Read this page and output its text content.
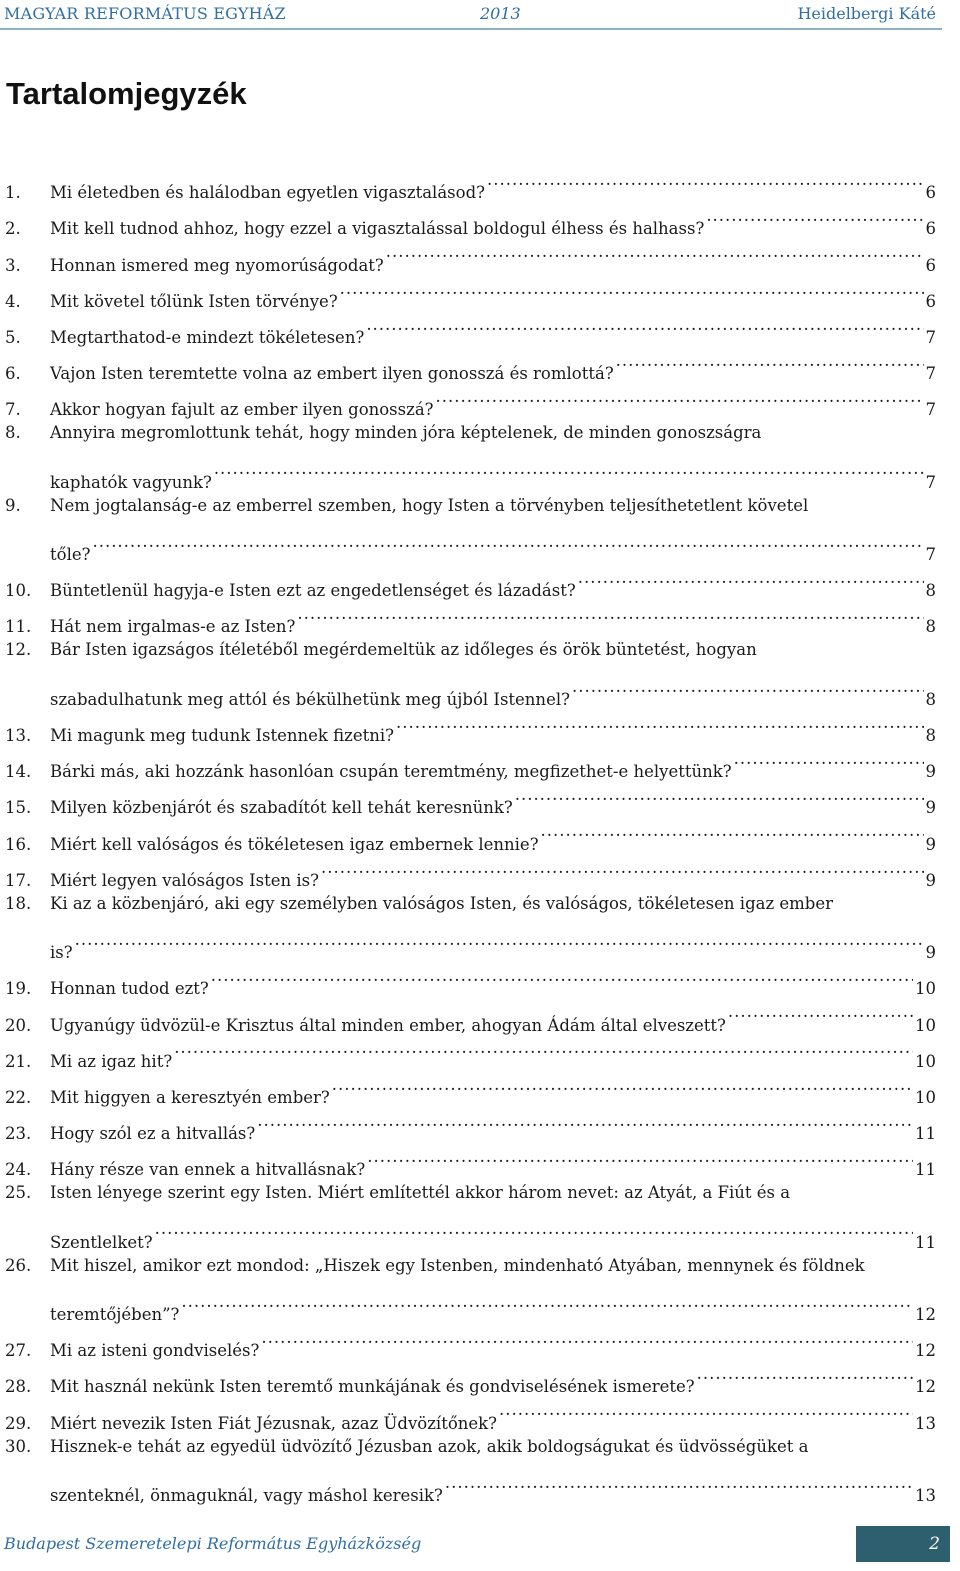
MAGYAR REFORMÁTUS EGYHÁZ	2013	Heidelbergi Káté
Tartalomjegyzék
1.	Mi életedben és halálodban egyetlen vigasztalásod? .....	6
2.	Mit kell tudnod ahhoz, hogy ezzel a vigasztalással boldogul élhess és halhass? .....	6
3.	Honnan ismered meg nyomorúságodat? .....	6
4.	Mit követel tőlünk Isten törvénye? .....	6
5.	Megtarthatod-e mindezt tökéletesen? .....	7
6.	Vajon Isten teremtette volna az embert ilyen gonosszá és romlottá? .....	7
7.	Akkor hogyan fajult az ember ilyen gonosszá? .....	7
8.	Annyira megromlottunk tehát, hogy minden jóra képtelenek, de minden gonoszságra
kaphatók vagyunk? .....	7
9.	Nem jogtalanság-e az emberrel szemben, hogy Isten a törvényben teljesíthetetlent követel
tőle? .....	7
10.	Büntetlenül hagyja-e Isten ezt az engedetlenséget és lázadást? .....	8
11.	Hát nem irgalmas-e az Isten? .....	8
12.	Bár Isten igazságos ítéletéből megérdemeltük az időleges és örök büntetést, hogyan
szabadulhatunk meg attól és békülhetünk meg újból Istennel? .....	8
13.	Mi magunk meg tudunk Istennek fizetni? .....	8
14.	Bárki más, aki hozzánk hasonlóan csupán teremtmény, megfizethet-e helyettünk? .....	9
15.	Milyen közbenjárót és szabadítót kell tehát keresnünk? .....	9
16.	Miért kell valóságos és tökéletesen igaz embernek lennie? .....	9
17.	Miért legyen valóságos Isten is? .....	9
18.	Ki az a közbenjáró, aki egy személyben valóságos Isten, és valóságos, tökéletesen igaz ember
is? .....	9
19.	Honnan tudod ezt? .....	10
20.	Ugyanúgy üdvözül-e Krisztus által minden ember, ahogyan Ádám által elveszett? .....	10
21.	Mi az igaz hit? .....	10
22.	Mit higgyen a keresztyén ember? .....	10
23.	Hogy szól ez a hitvallás? .....	11
24.	Hány része van ennek a hitvallásnak? .....	11
25.	Isten lényege szerint egy Isten. Miért említettél akkor három nevet: az Atyát, a Fiút és a
Szentlelket? .....	11
26.	Mit hiszel, amikor ezt mondod: „Hiszek egy Istenben, mindenható Atyában, mennynek és földnek
teremtőjében”? .....	12
27.	Mi az isteni gondviselés? .....	12
28.	Mit használ nekünk Isten teremtő munkájának és gondviselésének ismerete? .....	12
29.	Miért nevezik Isten Fiát Jézusnak, azaz Üdvözítőnek? .....	13
30.	Hisznek-e tehát az egyedül üdvözítő Jézusban azok, akik boldogságukat és üdvösségüket a
szenteknél, önmaguknál, vagy máshol keresik? .....	13
Budapest Szemeretelepi Református Egyházközség	2
